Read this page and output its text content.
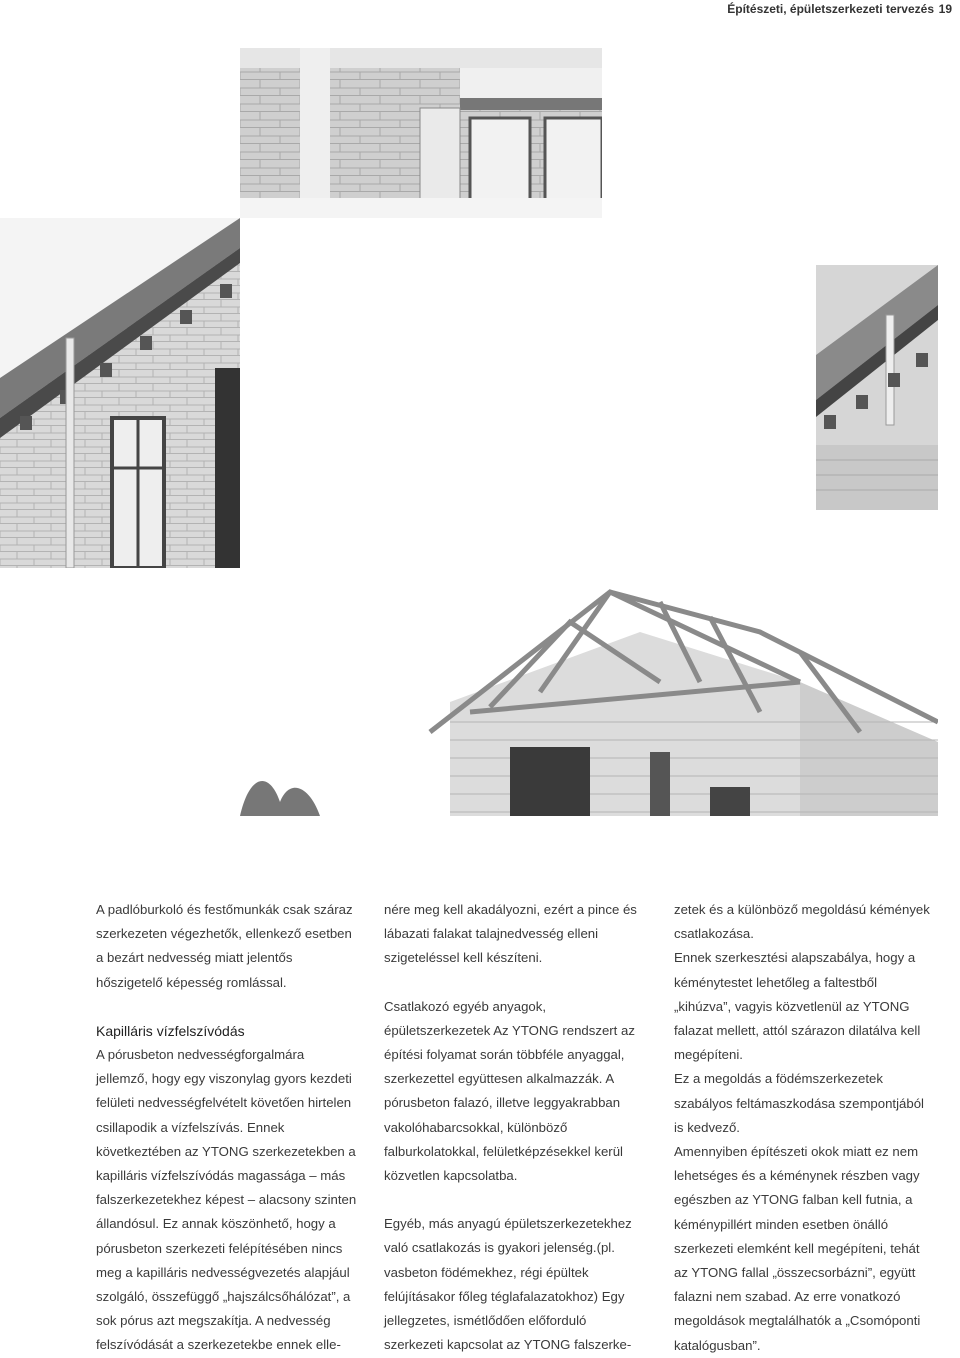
Építészeti, épületszerkezeti tervezés 19

A padlóburkoló és festőmunkák csak száraz szerkezeten végezhetők, ellenkező esetben a bezárt nedvesség miatt jelentős hőszigetelő képesség romlással.

Kapilláris vízfelszívódás

A pórusbeton nedvességforgalmára jellemző, hogy egy viszonylag gyors kezdeti felületi nedvességfelvételt követően hirtelen csillapodik a vízfelszívás. Ennek következtében az YTONG szerkezetekben a kapilláris vízfelszívódás magassága – más falszerkezetekhez képest – alacsony szinten állandósul. Ez annak köszönhető, hogy a pórusbeton szerkezeti felépítésében nincs meg a kapilláris nedvességvezetés alapjául szolgáló, összefüggő „hajszálcsőhálózat”, a sok pórus azt megszakítja. A nedvesség felszívódását a szerkezetekbe ennek elle-

nére meg kell akadályozni, ezért a pince és lábazati falakat talajnedvesség elleni szigeteléssel kell készíteni.

Csatlakozó egyéb anyagok, épületszerkezetek Az YTONG rendszert az építési folyamat során többféle anyaggal, szerkezettel együttesen alkalmazzák. A pórusbeton falazó, illetve leggyakrabban vakolóhabarcsokkal, különböző falburkolatokkal, felületképzésekkel kerül közvetlen kapcsolatba.

Egyéb, más anyagú épületszerkezetekhez való csatlakozás is gyakori jelenség.(pl. vasbeton födémekhez, régi épültek felújításakor főleg téglafalazatokhoz) Egy jellegzetes, ismétlődően előforduló szerkezeti kapcsolat az YTONG falszerke-

zetek és a különböző megoldású kémények csatlakozása.

Ennek szerkesztési alapszabálya, hogy a kéménytestet lehetőleg a faltestből „kihúzva”, vagyis közvetlenül az YTONG falazat mellett, attól szárazon dilatálva kell megépíteni.

Ez a megoldás a födémszerkezetek szabályos feltámaszkodása szempontjából is kedvező.

Amennyiben építészeti okok miatt ez nem lehetséges és a kéménynek részben vagy egészben az YTONG falban kell futnia, a kéménypillért minden esetben önálló szerkezeti elemként kell megépíteni, tehát az YTONG fallal „összecsorbázni”, együtt falazni nem szabad. Az erre vonatkozó megoldások megtalálhatók a „Csomóponti katalógusban”.
